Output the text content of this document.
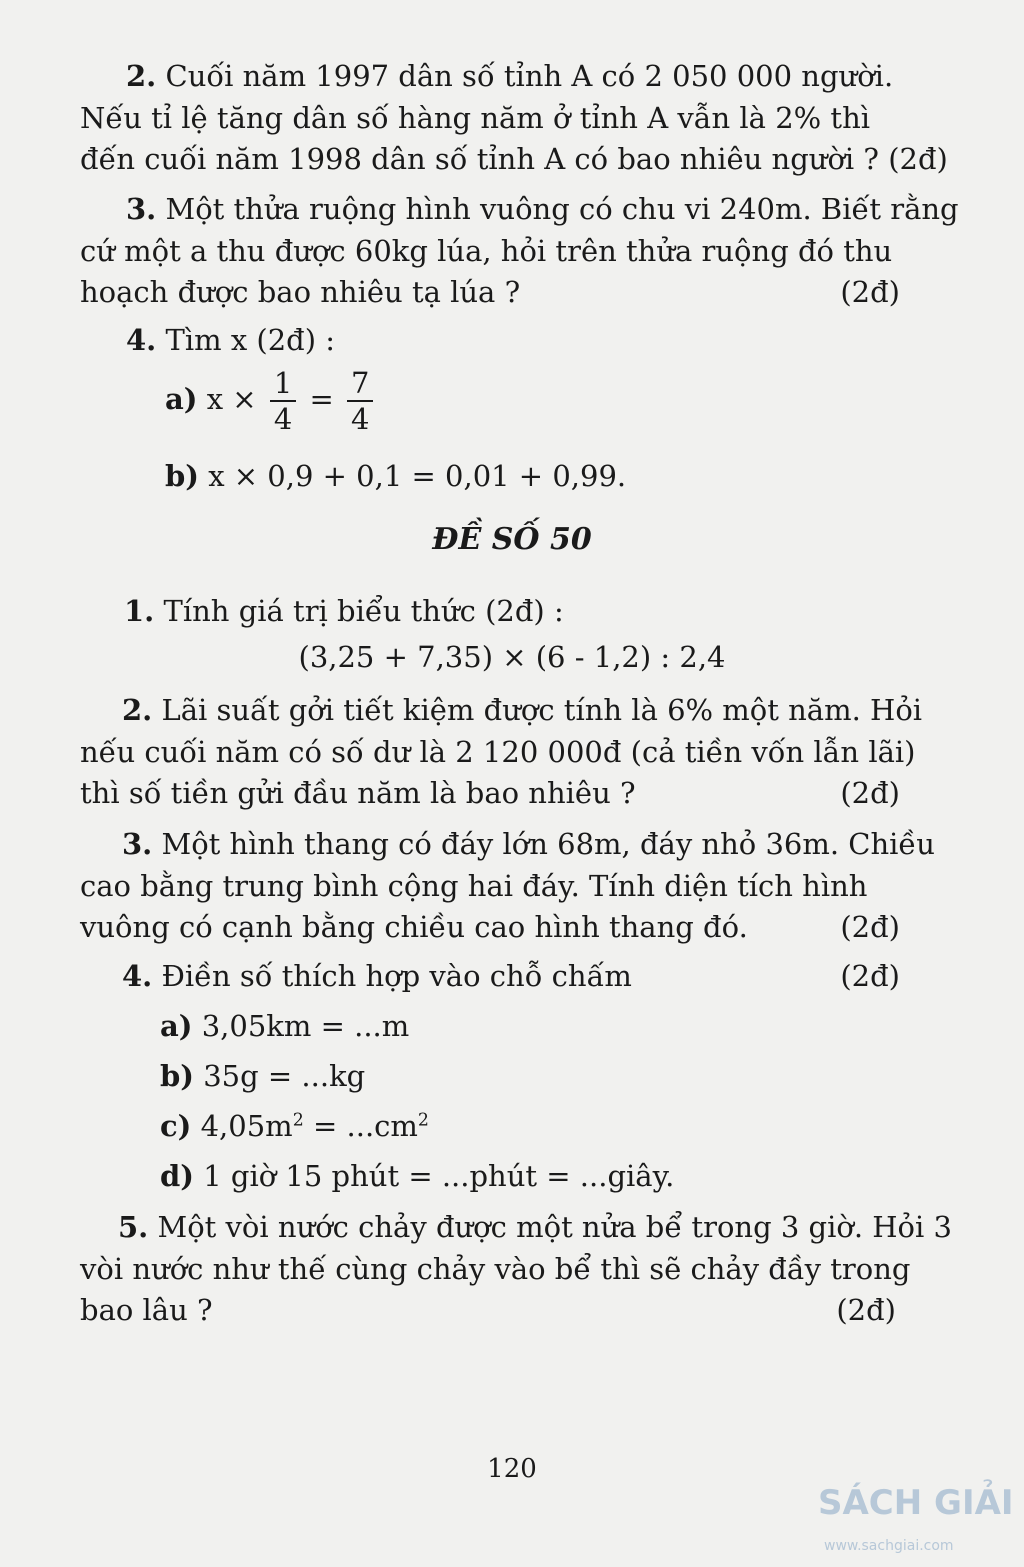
2. Cuối năm 1997 dân số tỉnh A có 2 050 000 người.
Nếu tỉ lệ tăng dân số hàng năm ở tỉnh A vẫn là 2% thì
đến cuối năm 1998 dân số tỉnh A có bao nhiêu người ? (2đ)
3. Một thửa ruộng hình vuông có chu vi 240m. Biết rằng
cứ một a thu được 60kg lúa, hỏi trên thửa ruộng đó thu
hoạch được bao nhiêu tạ lúa ?	(2đ)
4.
Tìm x (2đ) :
a) $x \times \frac{1}{4} = \frac{7}{4}$
b) x × 0,9 + 0,1 = 0,01 + 0,99.
ĐỀ SỐ 50
1.
Tính giá trị biểu thức (2đ) :
(3,25 + 7,35) × (6 - 1,2) : 2,4
2. Lãi suất gởi tiết kiệm được tính là 6% một năm. Hỏi
nếu cuối năm có số dư là 2 120 000đ (cả tiền vốn lẫn lãi)
thì số tiền gửi đầu năm là bao nhiêu ?	(2đ)
3. Một hình thang có đáy lớn 68m, đáy nhỏ 36m. Chiều
cao bằng trung bình cộng hai đáy. Tính diện tích hình
vuông có cạnh bằng chiều cao hình thang đó.	(2đ)
4. Điền số thích hợp vào chỗ chấm	(2đ)
a) 3,05km = ...m
b) 35g = ...kg
c) $4,05m^2 = ...cm^2$
d) 1 giờ 15 phút = ...phút = ...giây.
5. Một vòi nước chảy được một nửa bể trong 3 giờ. Hỏi 3
vòi nước như thế cùng chảy vào bể thì sẽ chảy đầy trong
bao lâu ?	(2đ)
120
SÁCH GIẢI
www.sachgiai.com
